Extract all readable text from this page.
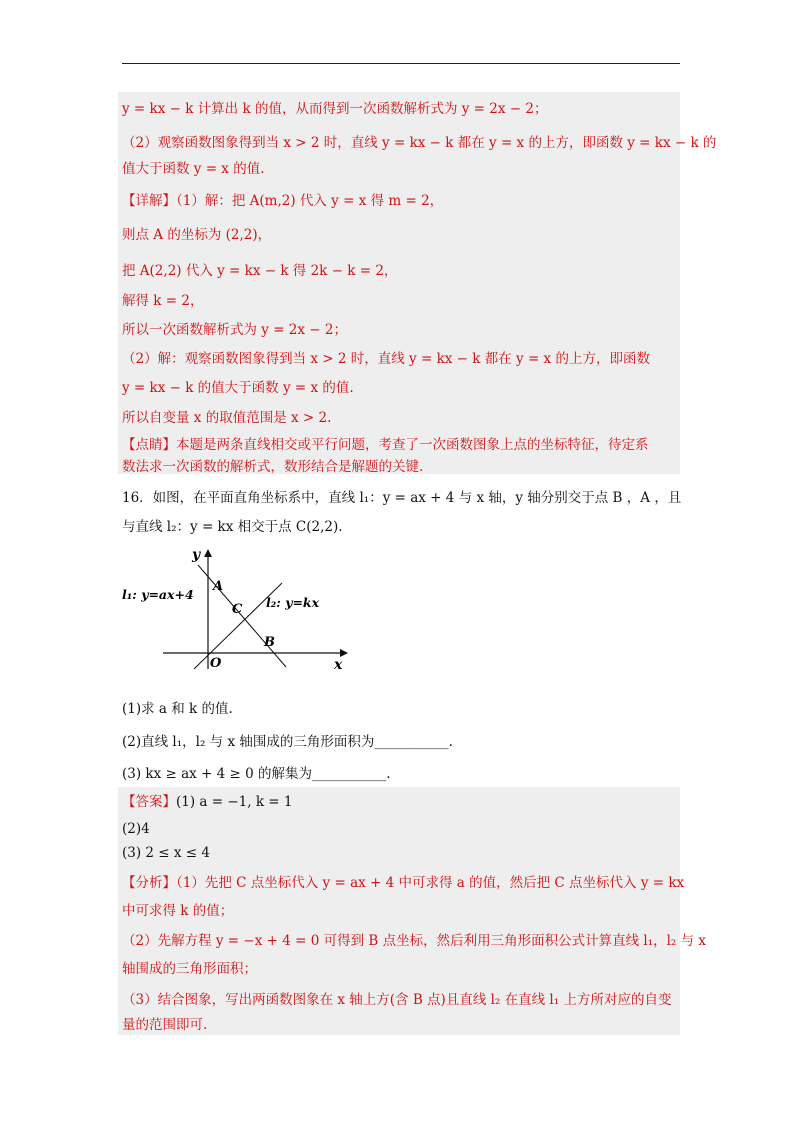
y = kx − k 计算出 k 的值，从而得到一次函数解析式为 y = 2x − 2；
（2）观察函数图象得到当 x > 2 时，直线 y = kx − k 都在 y = x 的上方，即函数 y = kx − k 的
值大于函数 y = x 的值.
【详解】（1）解：把 A(m,2) 代入 y = x 得 m = 2，
则点 A 的坐标为 (2,2)，
把 A(2,2) 代入 y = kx − k 得 2k − k = 2，
解得 k = 2，
所以一次函数解析式为 y = 2x − 2；
（2）解：观察函数图象得到当 x > 2 时，直线 y = kx − k 都在 y = x 的上方，即函数
y = kx − k 的值大于函数 y = x 的值.
所以自变量 x 的取值范围是 x > 2.
【点睛】本题是两条直线相交或平行问题，考查了一次函数图象上点的坐标特征，待定系
数法求一次函数的解析式，数形结合是解题的关键.
16．如图，在平面直角坐标系中，直线 l₁：y = ax + 4 与 x 轴，y 轴分别交于点 B ，A ，且
与直线 l₂：y = kx 相交于点 C(2,2).
y
x
O
A
B
C
l₁: y=ax+4
l₂: y=kx
(1)求 a 和 k 的值.
(2)直线 l₁，l₂ 与 x 轴围成的三角形面积为___________.
(3) kx ≥ ax + 4 ≥ 0 的解集为___________.
【答案】(1) a = −1, k = 1
(2)4
(3) 2 ≤ x ≤ 4
【分析】（1）先把 C 点坐标代入 y = ax + 4 中可求得 a 的值，然后把 C 点坐标代入 y = kx
中可求得 k 的值；
（2）先解方程 y = −x + 4 = 0 可得到 B 点坐标，然后利用三角形面积公式计算直线 l₁，l₂ 与 x
轴围成的三角形面积；
（3）结合图象，写出两函数图象在 x 轴上方(含 B 点)且直线 l₂ 在直线 l₁ 上方所对应的自变
量的范围即可.
